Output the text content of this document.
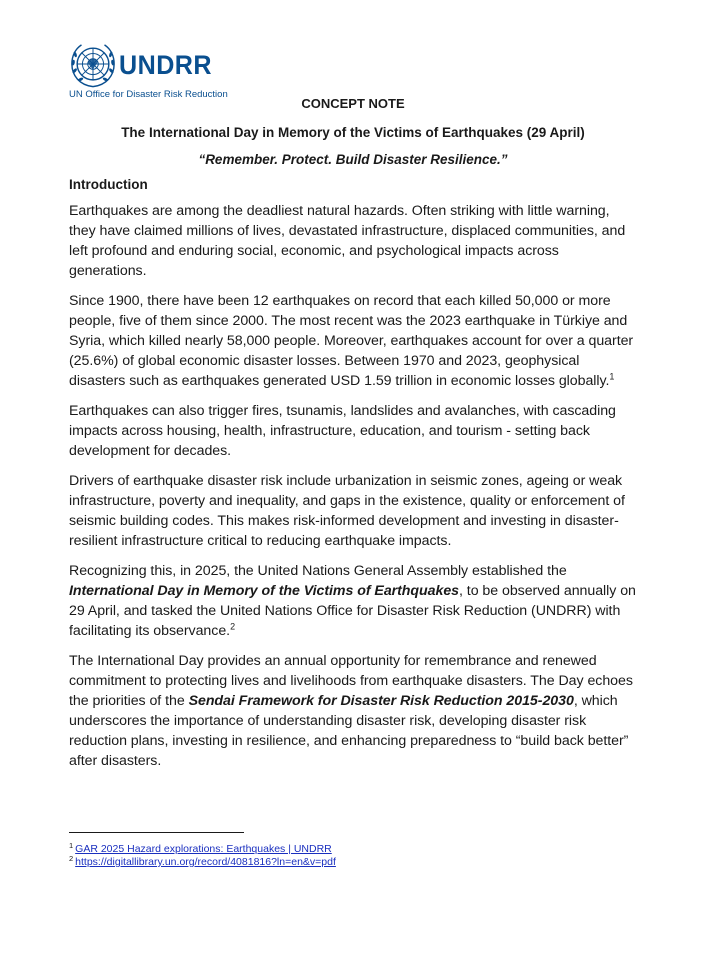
UNDRR
UN Office for Disaster Risk Reduction
CONCEPT NOTE
The International Day in Memory of the Victims of Earthquakes (29 April)
“Remember. Protect. Build Disaster Resilience.”
Introduction

Earthquakes are among the deadliest natural hazards. Often striking with little warning, they have claimed millions of lives, devastated infrastructure, displaced communities, and left profound and enduring social, economic, and psychological impacts across generations.

Since 1900, there have been 12 earthquakes on record that each killed 50,000 or more people, five of them since 2000. The most recent was the 2023 earthquake in Türkiye and Syria, which killed nearly 58,000 people. Moreover, earthquakes account for over a quarter (25.6%) of global economic disaster losses. Between 1970 and 2023, geophysical disasters such as earthquakes generated USD 1.59 trillion in economic losses globally.$^1$

Earthquakes can also trigger fires, tsunamis, landslides and avalanches, with cascading impacts across housing, health, infrastructure, education, and tourism - setting back development for decades.

Drivers of earthquake disaster risk include urbanization in seismic zones, ageing or weak infrastructure, poverty and inequality, and gaps in the existence, quality or enforcement of seismic building codes. This makes risk-informed development and investing in disaster-resilient infrastructure critical to reducing earthquake impacts.

Recognizing this, in 2025, the United Nations General Assembly established the International Day in Memory of the Victims of Earthquakes, to be observed annually on 29 April, and tasked the United Nations Office for Disaster Risk Reduction (UNDRR) with facilitating its observance.$^2$

The International Day provides an annual opportunity for remembrance and renewed commitment to protecting lives and livelihoods from earthquake disasters. The Day echoes the priorities of the Sendai Framework for Disaster Risk Reduction 2015-2030, which underscores the importance of understanding disaster risk, developing disaster risk reduction plans, investing in resilience, and enhancing preparedness to “build back better” after disasters.

$^1$ GAR 2025 Hazard explorations: Earthquakes | UNDRR
$^2$ https://digitallibrary.un.org/record/4081816?ln=en&v=pdf
